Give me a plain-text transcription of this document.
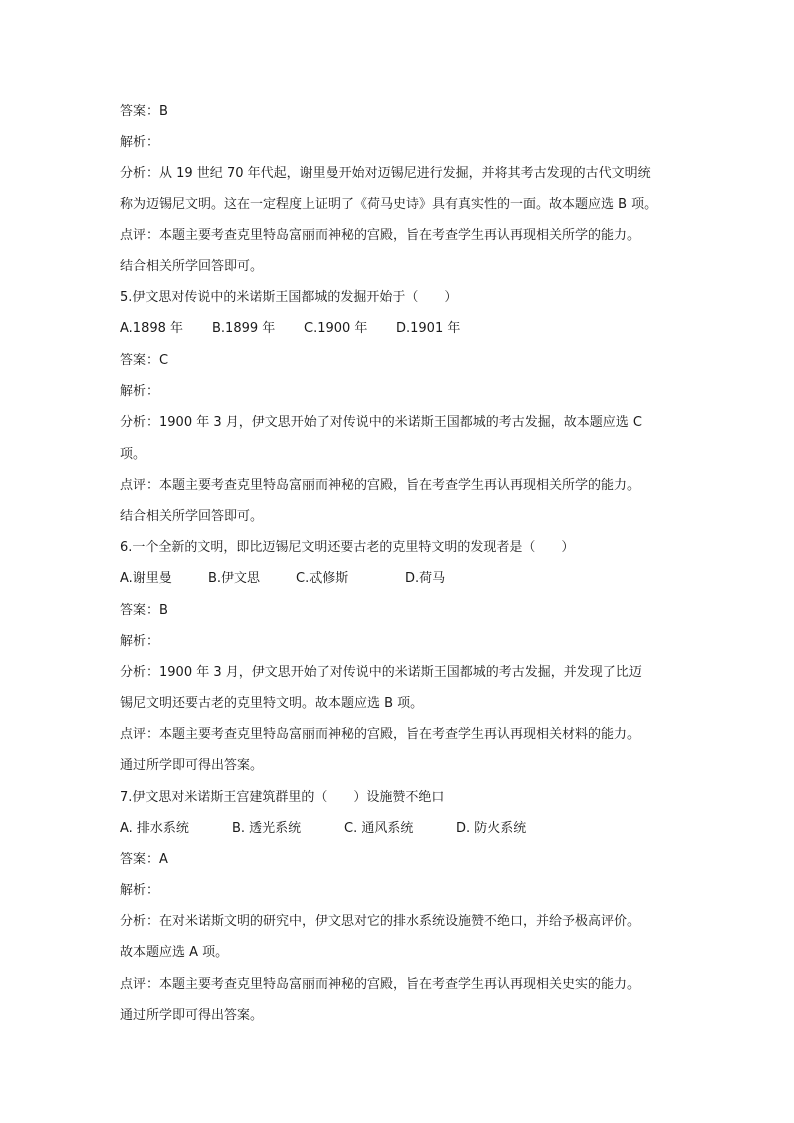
答案：B
解析：
分析：从 19 世纪 70 年代起，谢里曼开始对迈锡尼进行发掘，并将其考古发现的古代文明统
称为迈锡尼文明。这在一定程度上证明了《荷马史诗》具有真实性的一面。故本题应选 B 项。
点评：本题主要考查克里特岛富丽而神秘的宫殿，旨在考查学生再认再现相关所学的能力。
结合相关所学回答即可。
5.伊文思对传说中的米诺斯王国都城的发掘开始于（　　）
A.1898 年 B.1899 年 C.1900 年 D.1901 年
答案：C
解析：
分析：1900 年 3 月，伊文思开始了对传说中的米诺斯王国都城的考古发掘，故本题应选 C
项。
点评：本题主要考查克里特岛富丽而神秘的宫殿，旨在考查学生再认再现相关所学的能力。
结合相关所学回答即可。
6.一个全新的文明，即比迈锡尼文明还要古老的克里特文明的发现者是（　　）
A.谢里曼	B.伊文思	C.忒修斯	D.荷马
答案：B
解析：
分析：1900 年 3 月，伊文思开始了对传说中的米诺斯王国都城的考古发掘，并发现了比迈
锡尼文明还要古老的克里特文明。故本题应选 B 项。
点评：本题主要考查克里特岛富丽而神秘的宫殿，旨在考查学生再认再现相关材料的能力。
通过所学即可得出答案。
7.伊文思对米诺斯王宫建筑群里的（　　）设施赞不绝口
A. 排水系统	B. 透光系统	C. 通风系统	D. 防火系统
答案：A
解析：
分析：在对米诺斯文明的研究中，伊文思对它的排水系统设施赞不绝口，并给予极高评价。
故本题应选 A 项。
点评：本题主要考查克里特岛富丽而神秘的宫殿，旨在考查学生再认再现相关史实的能力。
通过所学即可得出答案。
